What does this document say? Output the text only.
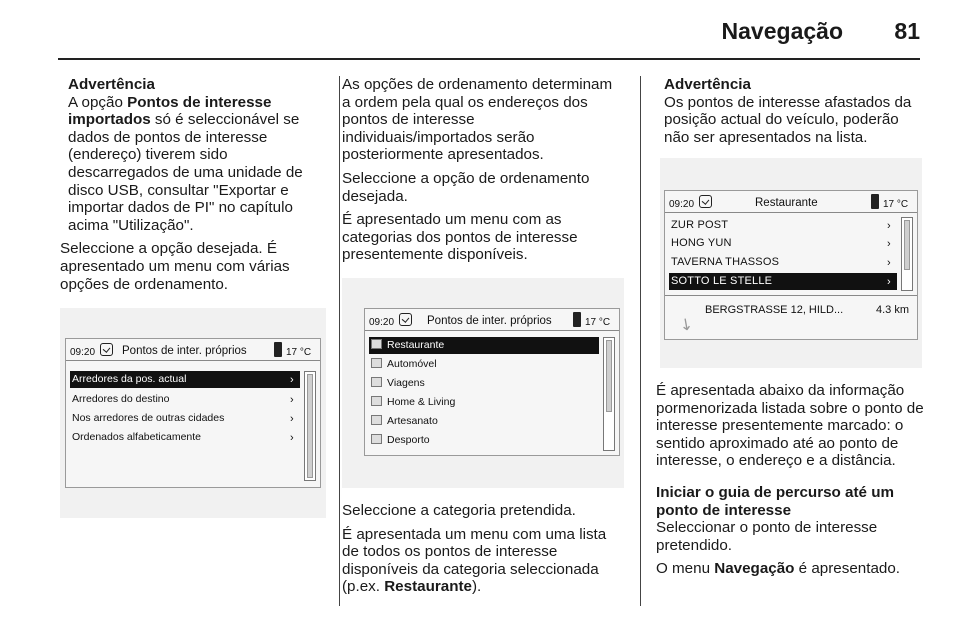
Navegação	81

Advertência
A opção Pontos de interesse importados só é seleccionável se dados de pontos de interesse (endereço) tiverem sido descarregados de uma unidade de disco USB, consultar "Exportar e importar dados de PI" no capítulo acima "Utilização".

Seleccione a opção desejada. É apresentado um menu com várias opções de ordenamento.

09:20 Pontos de inter. próprios	17 °C
Arredores da pos. actual	›
Arredores do destino	›
Nos arredores de outras cidades	›
Ordenados alfabeticamente	›

As opções de ordenamento determinam a ordem pela qual os endereços dos pontos de interesse individuais/importados serão posteriormente apresentados.

Seleccione a opção de ordenamento desejada.

É apresentado um menu com as categorias dos pontos de interesse presentemente disponíveis.

09:20	Pontos de inter. próprios	17 °C
Restaurante
Automóvel
Viagens
Home & Living
Artesanato
Desporto

Seleccione a categoria pretendida.

É apresentada um menu com uma lista de todos os pontos de interesse disponíveis da categoria seleccionada (p.ex. Restaurante).

Advertência
Os pontos de interesse afastados da posição actual do veículo, poderão não ser apresentados na lista.

09:20	Restaurante	17 °C
ZUR POST	›
HONG YUN	›
TAVERNA THASSOS	›
SOTTO LE STELLE	›
↘
BERGSTRASSE 12, HILD...	4.3 km

É apresentada abaixo da informação pormenorizada listada sobre o ponto de interesse presentemente marcado: o sentido aproximado até ao ponto de interesse, o endereço e a distância.

Iniciar o guia de percurso até um ponto de interesse

Seleccionar o ponto de interesse pretendido.

O menu Navegação é apresentado.
